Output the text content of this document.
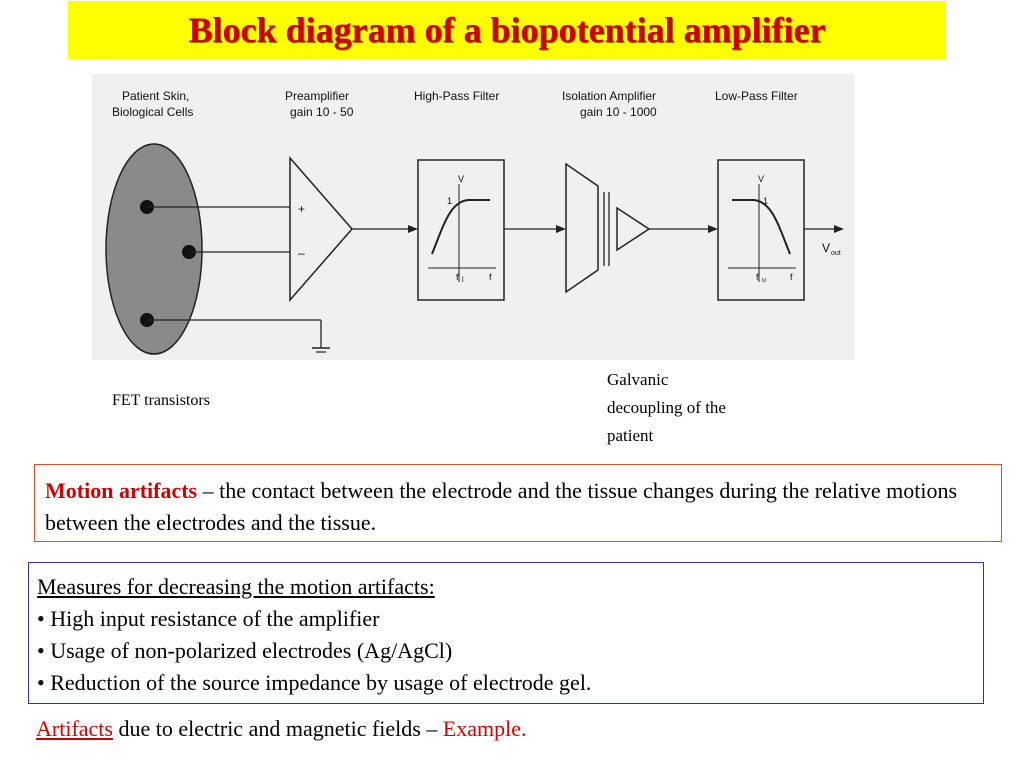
Block diagram of a biopotential amplifier
Patient Skin,
Biological Cells
Preamplifier
gain 10 - 50
High-Pass Filter	Isolation Amplifier
gain 10 - 1000
Low-Pass Filter
+
–
V
1
f l	f
V
1
f u	f
V out
FET transistors
Galvanic decoupling of the patient
Motion artifacts – the contact between the electrode and the tissue changes during the relative motions between the electrodes and the tissue.
Measures for decreasing the motion artifacts:
• High input resistance of the amplifier
• Usage of non-polarized electrodes (Ag/AgCl)
• Reduction of the source impedance by usage of electrode gel.
Artifacts due to electric and magnetic fields – Example.
